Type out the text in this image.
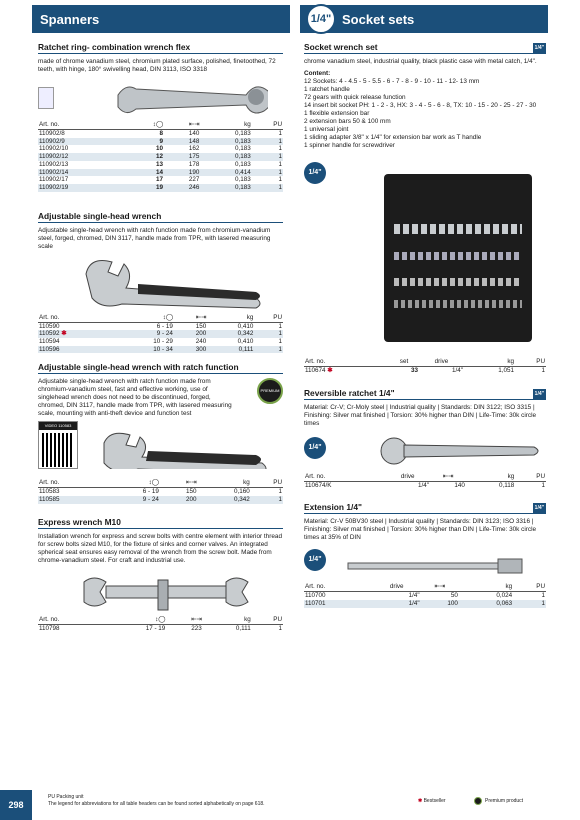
Spanners	1/4" Socket sets
Ratchet ring- combination wrench flex
made of chrome vanadium steel, chromium plated surface, polished, finetoothed, 72 teeth, with hinge, 180° swivelling head, DIN 3113, ISO 3318
Art. no.	↕◯	⇤⇥	kg	PU
110902/8	8	140	0,183	1
110902/9	9	148	0,183	1
110902/10	10	162	0,183	1
110902/12	12	175	0,183	1
110902/13	13	178	0,183	1
110902/14	14	190	0,414	1
110902/17	17	227	0,183	1
110902/19	19	246	0,183	1
Adjustable single-head wrench
Adjustable single-head wrench with ratch function made from chromium-vanadium steel, forged, chromed, DIN 3117, handle made from TPR, with lasered measuring scale
Art. no.	↕◯	⇤⇥	kg	PU
110590	6 - 19	150	0,410	1
110592 ✱	9 - 24	200	0,342	1
110594	10 - 29	240	0,410	1
110596	10 - 34	300	0,111	1
Adjustable single-head wrench with ratch function
Adjustable single-head wrench with ratch function made from chromium-vanadium steel, fast and effective working, use of singlehead wrench does not need to be discontinued, forged, chromed, DIN 3117, handle made from TPR, with lasered measuring scale, mounting with anti-theft device and function test
PREMIUM
VIDEO 110583
Art. no.	↕◯	⇤⇥	kg	PU
110583	6 - 19	150	0,160	1
110585	9 - 24	200	0,342	1
Express wrench M10
Installation wrench for express and screw bolts with centre element with interior thread for screw bolts sized M10, for the fixture of sinks and corner valves. An integrated spherical seat ensures easy removal of the wrench from the screw bolt. Made from chrome-vanadium steel. For craft and industrial use.
Art. no.	↕◯	⇤⇥	kg	PU
110798	17 - 19	223	0,111	1
Socket wrench set	1/4"
chrome vanadium steel, industrial quality, black plastic case with metal catch, 1/4".
Content:
12 Sockets: 4 - 4.5 - 5 - 5.5 - 6 - 7 - 8 - 9 - 10 - 11 - 12- 13 mm
1 ratchet handle
72 gears with quick release function
14 insert bit socket PH: 1 - 2 - 3, HX: 3 - 4 - 5 - 6 - 8, TX: 10 - 15 - 20 - 25 - 27 - 30
1 flexible extension bar
2 extension bars 50 & 100 mm
1 universal joint
1 sliding adapter 3/8" x 1/4" for extension bar work as T handle
1 spinner handle for screwdriver
1/4"
Art. no.	set	drive	kg	PU
110674 ✱	33	1/4"	1,051	1
Reversible ratchet 1/4"	1/4"
Material: Cr-V; Cr-Moly steel | Industrial quality | Standards: DIN 3122; ISO 3315 | Finishing: Silver mat finished | Torsion: 30% higher than DIN | Life-Time: 30k circle times
1/4"
Art. no.	drive	⇤⇥	kg	PU
110674/K	1/4"	140	0,118	1
Extension 1/4"	1/4"
Material: Cr-V 50BV30 steel | Industrial quality | Standards: DIN 3123; ISO 3316 | Finishing: Silver mat finished | Torsion: 30% higher than DIN | Life-Time: 30k circle times at 35% of DIN
1/4"
Art. no.	drive	⇤⇥	kg	PU
110700	1/4"	50	0,024	1
110701	1/4"	100	0,063	1
298
PU Packing unit
The legend for abbreviations for all table headers can be found sorted alphabetically on page 618.	✱ Bestseller	Premium product
